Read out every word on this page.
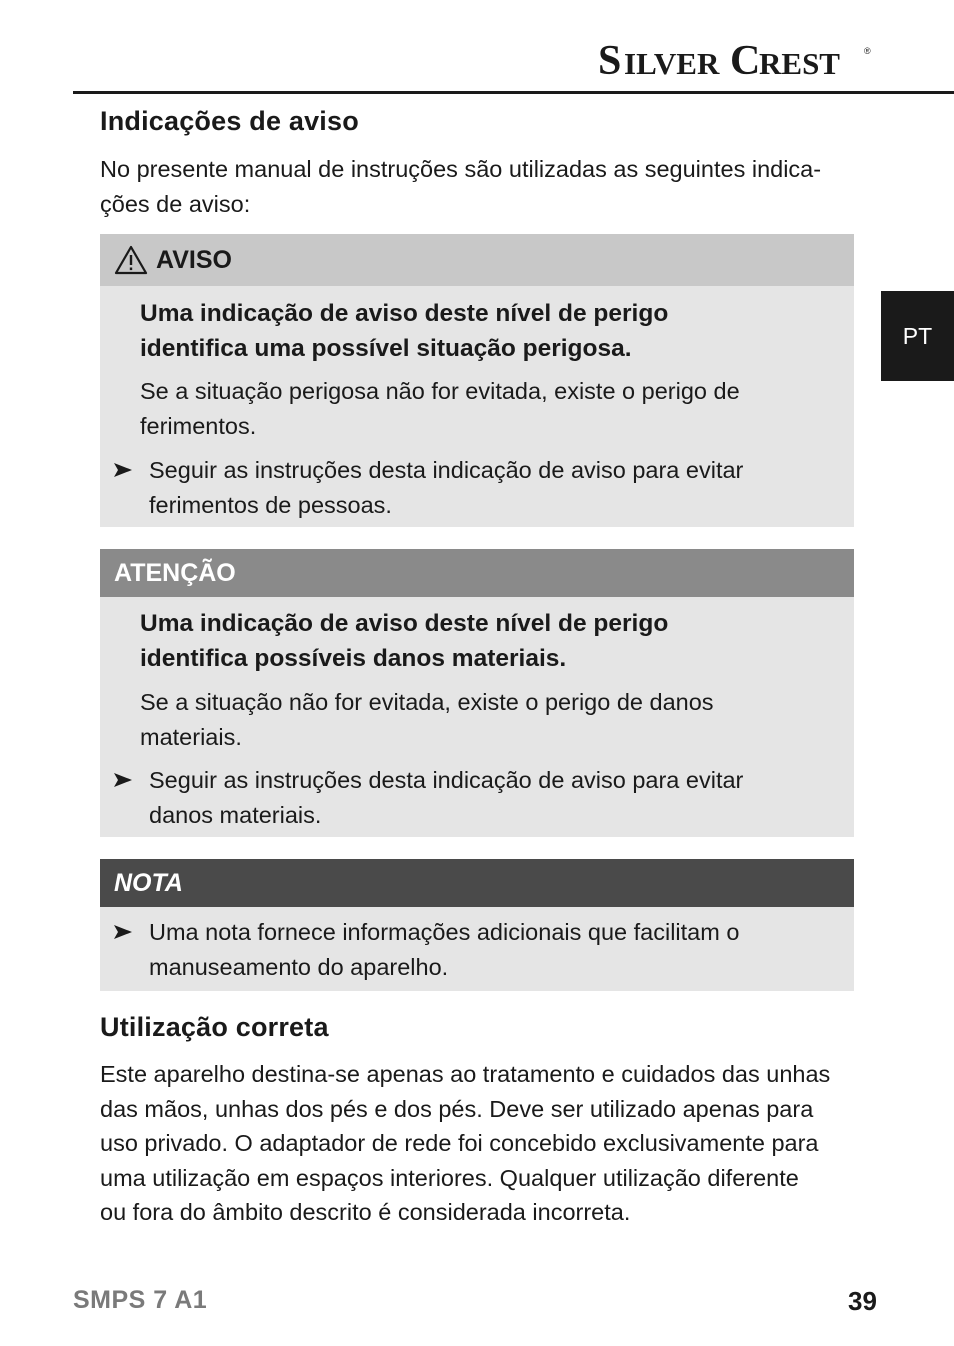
S ILVER C
REST	®
PT
Indicações de aviso
No presente manual de instruções são utilizadas as seguintes indica-
ções de aviso:
AVISO
Uma indicação de aviso deste nível de perigo
identifica uma possível situação perigosa.
Se a situação perigosa não for evitada, existe o perigo de
ferimentos.
Seguir as instruções desta indicação de aviso para evitar
ferimentos de pessoas.
ATENÇÃO
Uma indicação de aviso deste nível de perigo
identifica possíveis danos materiais.
Se a situação não for evitada, existe o perigo de danos
materiais.
Seguir as instruções desta indicação de aviso para evitar
danos materiais.
NOTA
Uma nota fornece informações adicionais que facilitam o
manuseamento do aparelho.
Utilização correta
Este aparelho destina-se apenas ao tratamento e cuidados das unhas
das mãos, unhas dos pés e dos pés. Deve ser utilizado apenas para
uso privado. O adaptador de rede foi concebido exclusivamente para
uma utilização em espaços interiores. Qualquer utilização diferente
ou fora do âmbito descrito é considerada incorreta.
SMPS 7 A1	39
